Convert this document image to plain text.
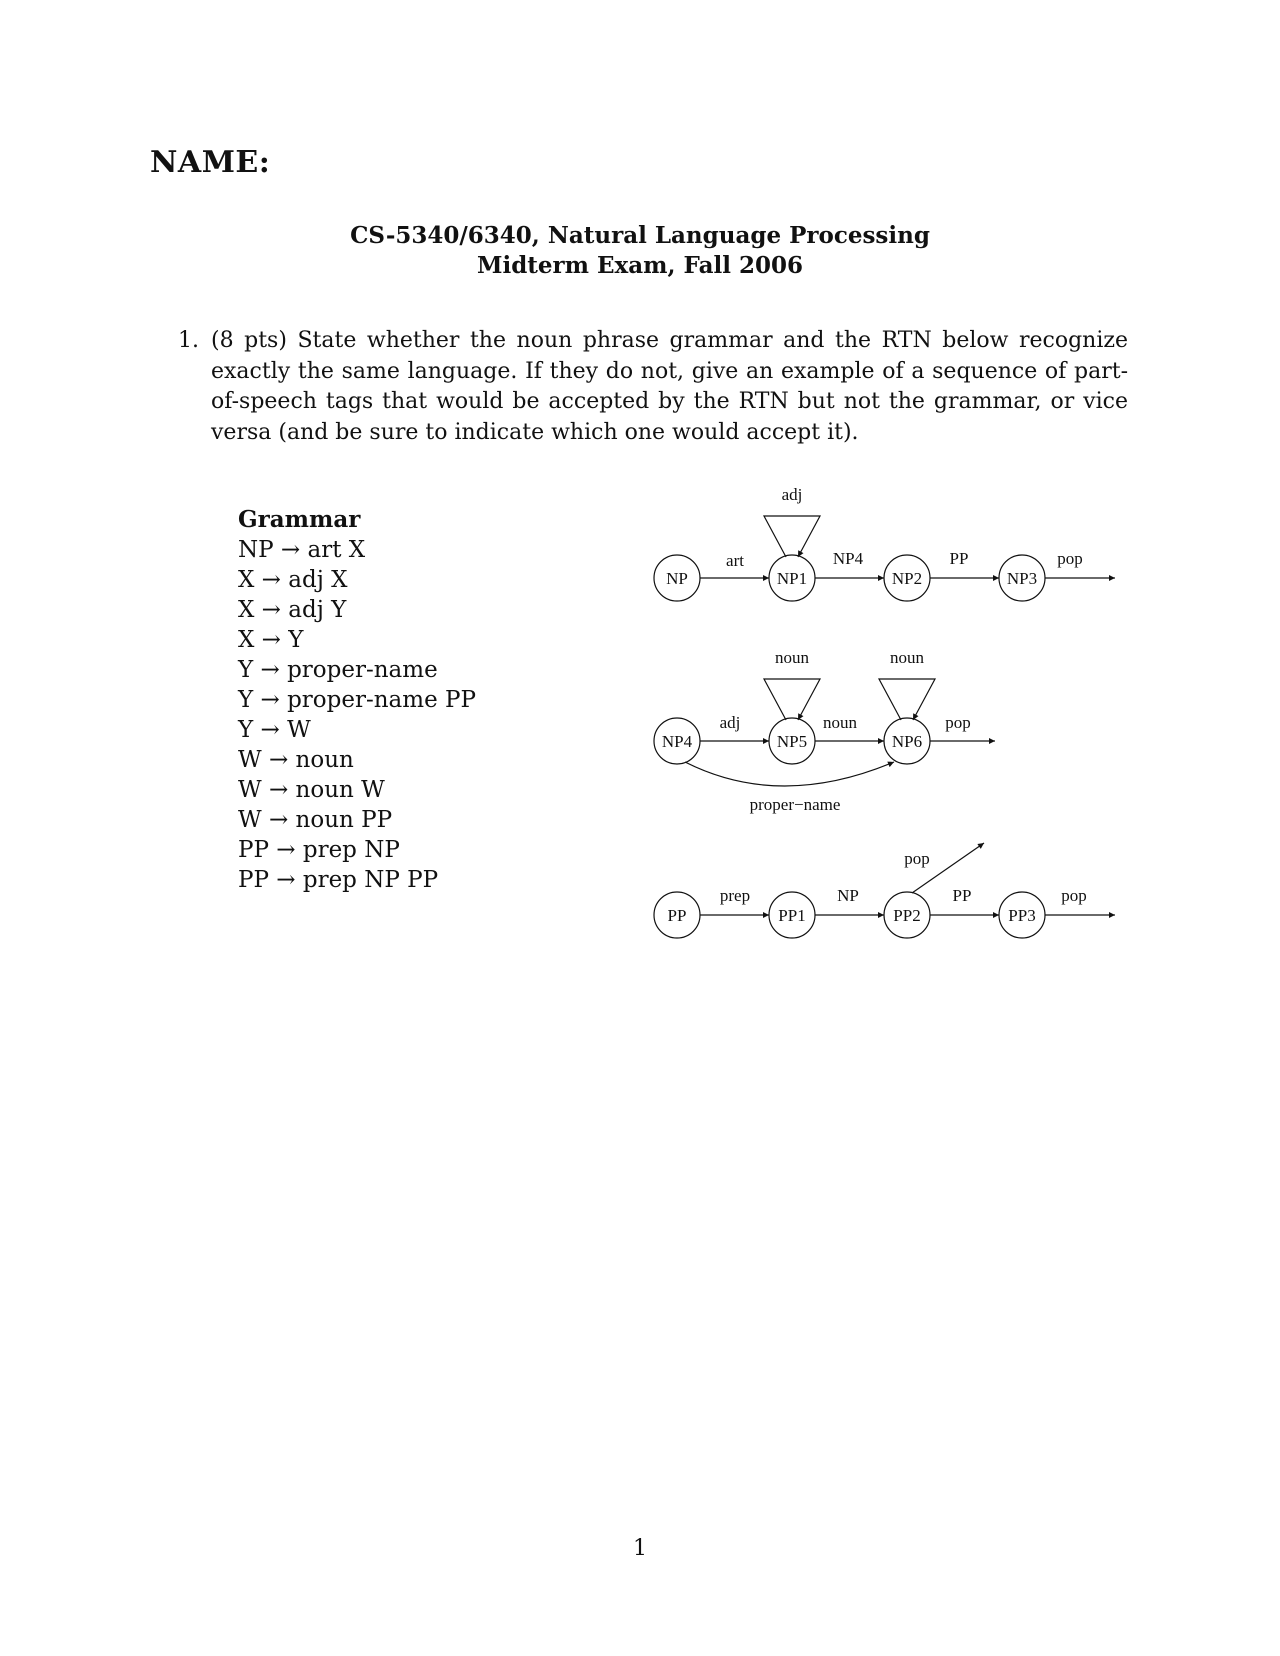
NAME:
CS-5340/6340, Natural Language Processing
Midterm Exam, Fall 2006
1. (8 pts) State whether the noun phrase grammar and the RTN below recognize exactly the same language. If they do not, give an example of a sequence of part-of-speech tags that would be accepted by the RTN but not the grammar, or vice versa (and be sure to indicate which one would accept it).
Grammar
NP → art X
X → adj X
X → adj Y
X → Y
Y → proper-name
Y → proper-name PP
Y → W
W → noun
W → noun W
W → noun PP
PP → prep NP
PP → prep NP PP
NP	NP1	NP2	NP3
adj
art	NP4	PP	pop
NP4	NP5	NP6
noun	noun
adj	noun	pop
proper−name
PP	PP1	PP2	PP3
prep	NP	PP
pop
pop
1
